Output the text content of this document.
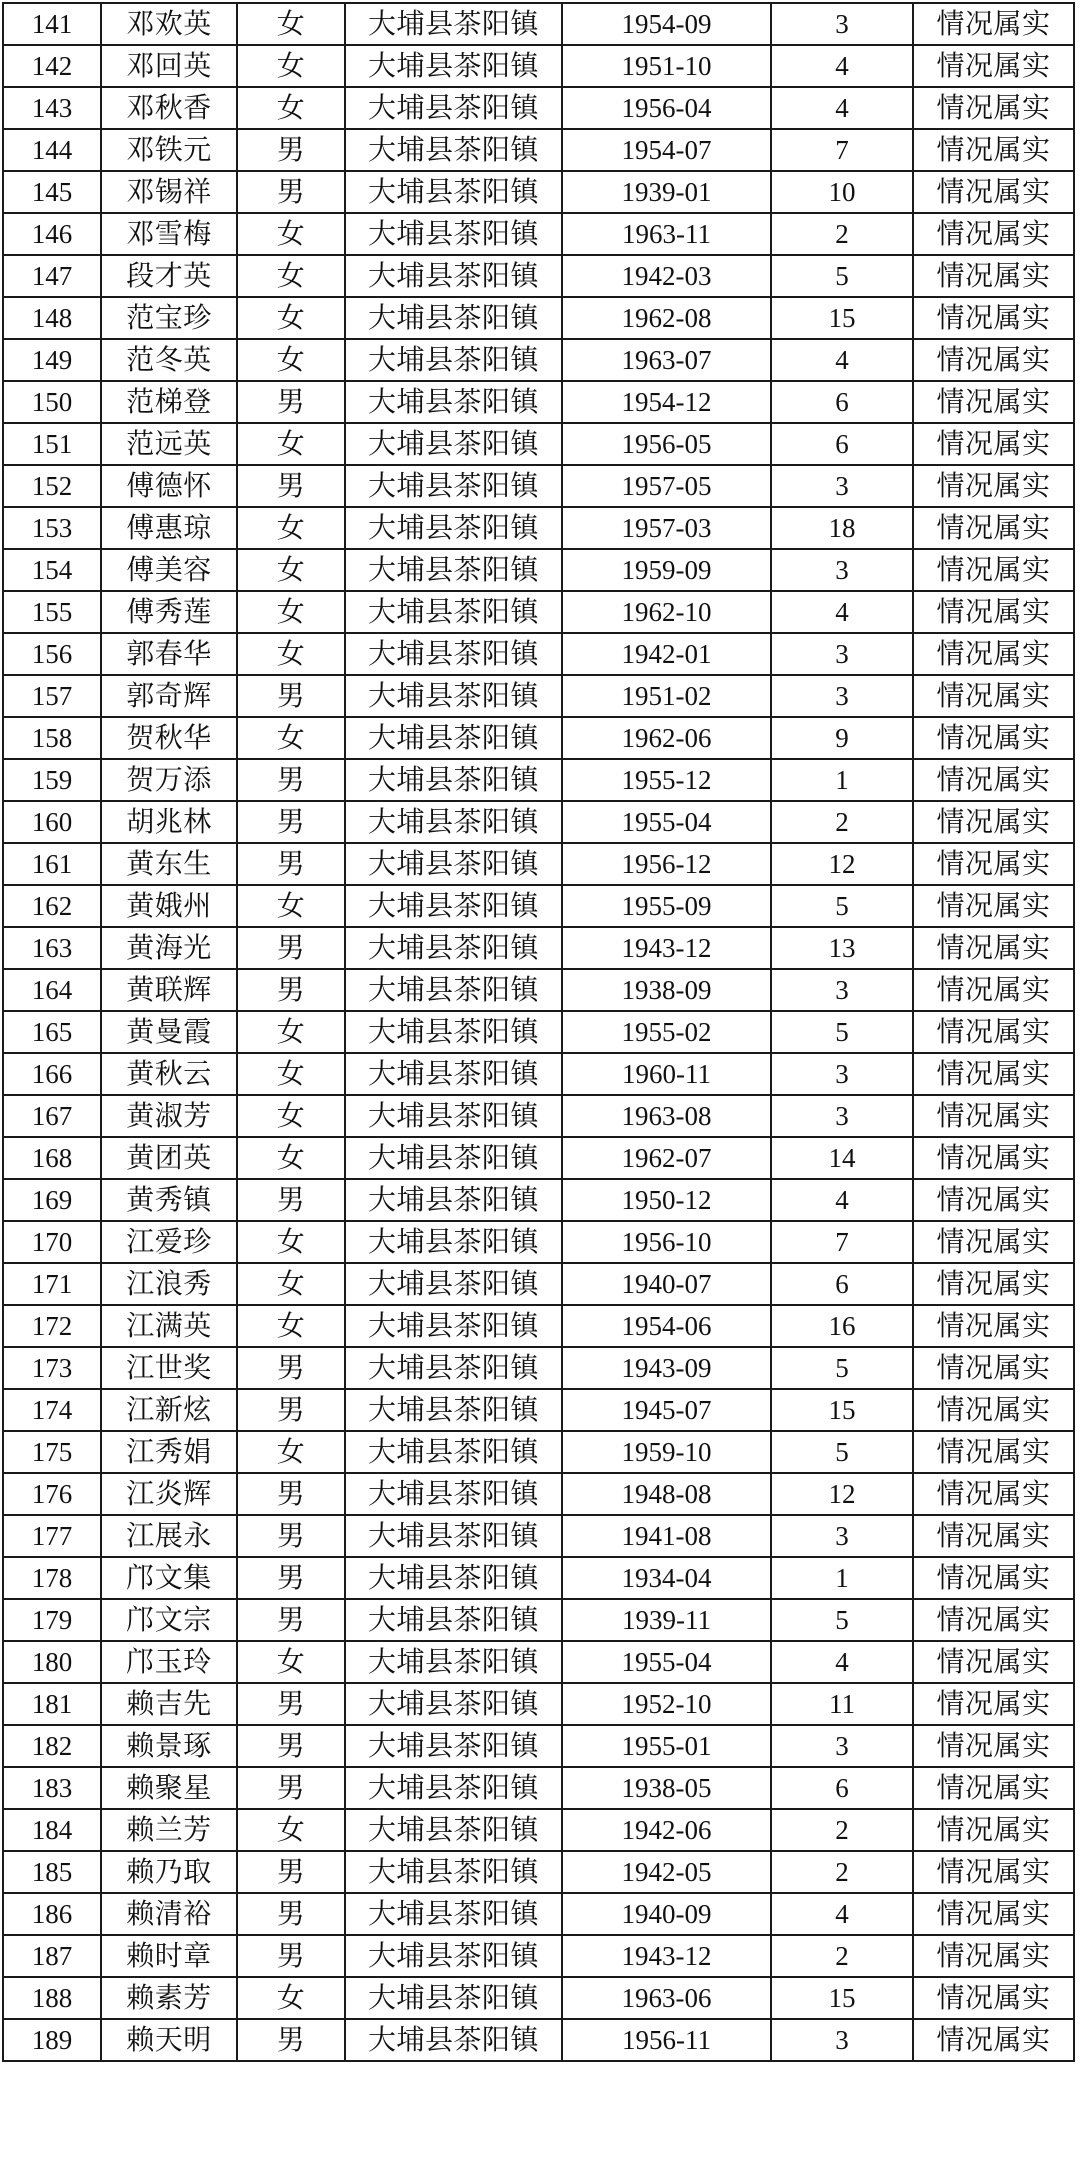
141	邓欢英	女	大埔县茶阳镇	1954-09	3	情况属实
142	邓回英	女	大埔县茶阳镇	1951-10	4	情况属实
143	邓秋香	女	大埔县茶阳镇	1956-04	4	情况属实
144	邓铁元	男	大埔县茶阳镇	1954-07	7	情况属实
145	邓锡祥	男	大埔县茶阳镇	1939-01	10	情况属实
146	邓雪梅	女	大埔县茶阳镇	1963-11	2	情况属实
147	段才英	女	大埔县茶阳镇	1942-03	5	情况属实
148	范宝珍	女	大埔县茶阳镇	1962-08	15	情况属实
149	范冬英	女	大埔县茶阳镇	1963-07	4	情况属实
150	范梯登	男	大埔县茶阳镇	1954-12	6	情况属实
151	范远英	女	大埔县茶阳镇	1956-05	6	情况属实
152	傅德怀	男	大埔县茶阳镇	1957-05	3	情况属实
153	傅惠琼	女	大埔县茶阳镇	1957-03	18	情况属实
154	傅美容	女	大埔县茶阳镇	1959-09	3	情况属实
155	傅秀莲	女	大埔县茶阳镇	1962-10	4	情况属实
156	郭春华	女	大埔县茶阳镇	1942-01	3	情况属实
157	郭奇辉	男	大埔县茶阳镇	1951-02	3	情况属实
158	贺秋华	女	大埔县茶阳镇	1962-06	9	情况属实
159	贺万添	男	大埔县茶阳镇	1955-12	1	情况属实
160	胡兆林	男	大埔县茶阳镇	1955-04	2	情况属实
161	黄东生	男	大埔县茶阳镇	1956-12	12	情况属实
162	黄娥州	女	大埔县茶阳镇	1955-09	5	情况属实
163	黄海光	男	大埔县茶阳镇	1943-12	13	情况属实
164	黄联辉	男	大埔县茶阳镇	1938-09	3	情况属实
165	黄曼霞	女	大埔县茶阳镇	1955-02	5	情况属实
166	黄秋云	女	大埔县茶阳镇	1960-11	3	情况属实
167	黄淑芳	女	大埔县茶阳镇	1963-08	3	情况属实
168	黄团英	女	大埔县茶阳镇	1962-07	14	情况属实
169	黄秀镇	男	大埔县茶阳镇	1950-12	4	情况属实
170	江爱珍	女	大埔县茶阳镇	1956-10	7	情况属实
171	江浪秀	女	大埔县茶阳镇	1940-07	6	情况属实
172	江满英	女	大埔县茶阳镇	1954-06	16	情况属实
173	江世奖	男	大埔县茶阳镇	1943-09	5	情况属实
174	江新炫	男	大埔县茶阳镇	1945-07	15	情况属实
175	江秀娟	女	大埔县茶阳镇	1959-10	5	情况属实
176	江炎辉	男	大埔县茶阳镇	1948-08	12	情况属实
177	江展永	男	大埔县茶阳镇	1941-08	3	情况属实
178	邝文集	男	大埔县茶阳镇	1934-04	1	情况属实
179	邝文宗	男	大埔县茶阳镇	1939-11	5	情况属实
180	邝玉玲	女	大埔县茶阳镇	1955-04	4	情况属实
181	赖吉先	男	大埔县茶阳镇	1952-10	11	情况属实
182	赖景琢	男	大埔县茶阳镇	1955-01	3	情况属实
183	赖聚星	男	大埔县茶阳镇	1938-05	6	情况属实
184	赖兰芳	女	大埔县茶阳镇	1942-06	2	情况属实
185	赖乃取	男	大埔县茶阳镇	1942-05	2	情况属实
186	赖清裕	男	大埔县茶阳镇	1940-09	4	情况属实
187	赖时章	男	大埔县茶阳镇	1943-12	2	情况属实
188	赖素芳	女	大埔县茶阳镇	1963-06	15	情况属实
189	赖天明	男	大埔县茶阳镇	1956-11	3	情况属实
